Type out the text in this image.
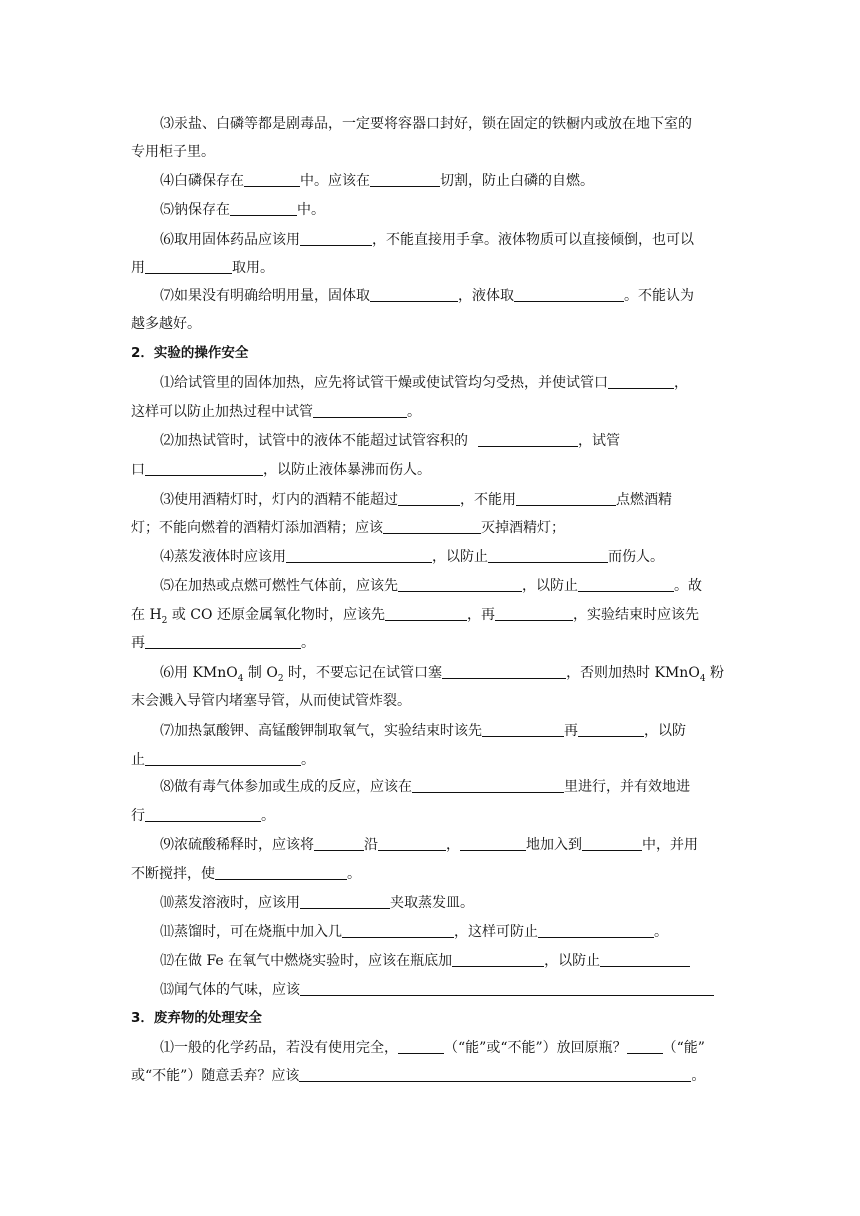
⑶汞盐、白磷等都是剧毒品，一定要将容器口封好，锁在固定的铁橱内或放在地下室的
专用柜子里。
⑷白磷保存在	中。应该在	切割，防止白磷的自燃。
⑸钠保存在	中。
⑹取用固体药品应该用	，不能直接用手拿。液体物质可以直接倾倒，也可以
用	取用。
⑺如果没有明确给明用量，固体取	，液体取	。不能认为
越多越好。
2．实验的操作安全
⑴给试管里的固体加热，应先将试管干燥或使试管均匀受热，并使试管口	，
这样可以防止加热过程中试管	。
⑵加热试管时，试管中的液体不能超过试管容积的	，试管
口	，以防止液体暴沸而伤人。
⑶使用酒精灯时，灯内的酒精不能超过	，不能用	点燃酒精
灯；不能向燃着的酒精灯添加酒精；应该	灭掉酒精灯；
⑷蒸发液体时应该用	，以防止	而伤人。
⑸在加热或点燃可燃性气体前，应该先	，以防止	。故
在 $H_2$ 或 CO 还原金属氧化物时，应该先	，再	，实验结束时应该先
再	。
⑹用 KMnO$_4$ 制 $O_2$ 时，不要忘记在试管口塞	，否则加热时 KMnO$_4$ 粉
末会溅入导管内堵塞导管，从而使试管炸裂。
⑺加热氯酸钾、高锰酸钾制取氧气，实验结束时该先	再	，以防
止	。
⑻做有毒气体参加或生成的反应，应该在	里进行，并有效地进
行	。
⑼浓硫酸稀释时，应该将	沿	，	地加入到	中，并用
不断搅拌，使	。
⑽蒸发溶液时，应该用	夹取蒸发皿。
⑾蒸馏时，可在烧瓶中加入几	，这样可防止	。
⑿在做 Fe 在氧气中燃烧实验时，应该在瓶底加	，以防止
⒀闻气体的气味，应该
3．废弃物的处理安全
⑴一般的化学药品，若没有使用完全，	（“能”或“不能”）放回原瓶？	（“能”
或“不能”）随意丢弃？应该	。
